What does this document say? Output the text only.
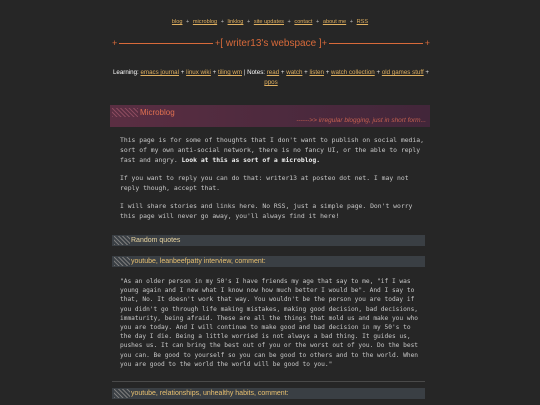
blog + microblog + linklog + site updates + contact + about me + RSS
+	+ [ writer13's webspace ] +	+
Learning: emacs journal + linux wiki + tiling wm | Notes: read + watch + listen + watch collection + old games stuff +
ppos
Microblog
------>> irregular blogging, just in short form...
This page is for some of thoughts that I don't want to publish on social media, sort of my own anti-social network, there is no fancy UI, or the able to reply fast and angry. Look at this as sort of a microblog.
If you want to reply you can do that: writer13 at posteo dot net. I may not reply though, accept that.
I will share stories and links here. No RSS, just a simple page. Don't worry this page will never go away, you'll always find it here!
Random quotes
youtube, leanbeefpatty interview, comment:
"As an older person in my 50's I have friends my age that say to me, "if I was young again and I new what I know now how much better I would be". And I say to that, No. It doesn't work that way. You wouldn't be the person you are today if you didn't go through life making mistakes, making good decision, bad decisions, immaturity, being afraid. These are all the things that mold us and make you who you are today. And I will continue to make good and bad decision in my 50's to the day I die. Being a little worried is not always a bad thing. It guides us, pushes us. It can bring the best out of you or the worst out of you. Do the best you can. Be good to yourself so you can be good to others and to the world. When you are good to the world the world will be good to you."
youtube, relationships, unhealthy habits, comment:
